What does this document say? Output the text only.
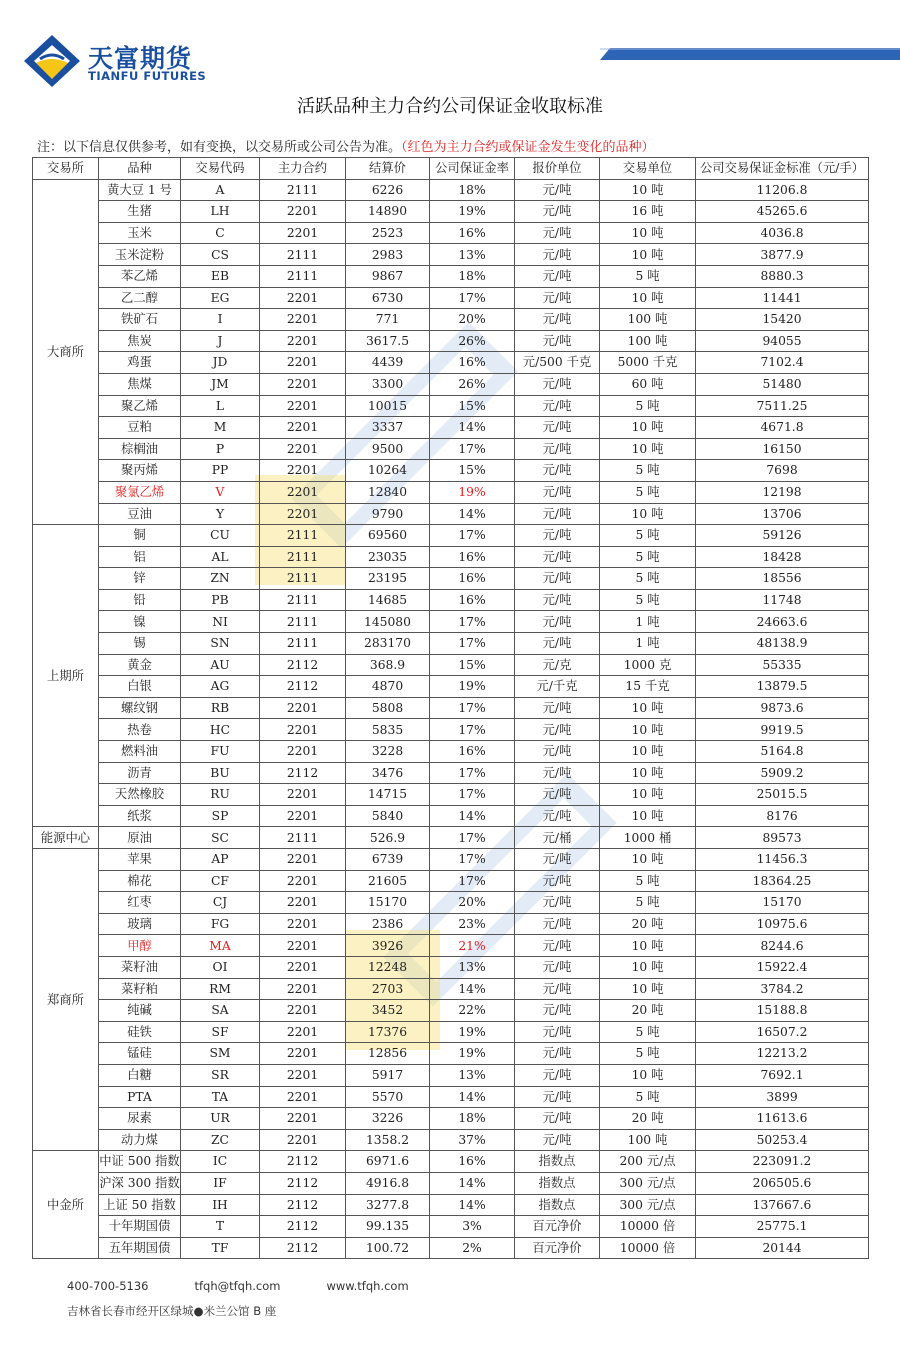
天富期货
TIANFU FUTURES
活跃品种主力合约公司保证金收取标准
注：以下信息仅供参考，如有变换，以交易所或公司公告为准。（红色为主力合约或保证金发生变化的品种）
交易所	品种	交易代码	主力合约	结算价	公司保证金率	报价单位	交易单位	公司交易保证金标准（元/手）
大商所	黄大豆 1 号	A	2111	6226	18%	元/吨	10 吨	11206.8
	生猪	LH	2201	14890	19%	元/吨	16 吨	45265.6
	玉米	C	2201	2523	16%	元/吨	10 吨	4036.8
	玉米淀粉	CS	2111	2983	13%	元/吨	10 吨	3877.9
	苯乙烯	EB	2111	9867	18%	元/吨	5 吨	8880.3
	乙二醇	EG	2201	6730	17%	元/吨	10 吨	11441
	铁矿石	I	2201	771	20%	元/吨	100 吨	15420
	焦炭	J	2201	3617.5	26%	元/吨	100 吨	94055
	鸡蛋	JD	2201	4439	16%	元/500 千克	5000 千克	7102.4
	焦煤	JM	2201	3300	26%	元/吨	60 吨	51480
	聚乙烯	L	2201	10015	15%	元/吨	5 吨	7511.25
	豆粕	M	2201	3337	14%	元/吨	10 吨	4671.8
	棕榈油	P	2201	9500	17%	元/吨	10 吨	16150
	聚丙烯	PP	2201	10264	15%	元/吨	5 吨	7698
	聚氯乙烯	V	2201	12840	19%	元/吨	5 吨	12198
	豆油	Y	2201	9790	14%	元/吨	10 吨	13706
上期所	铜	CU	2111	69560	17%	元/吨	5 吨	59126
	铝	AL	2111	23035	16%	元/吨	5 吨	18428
	锌	ZN	2111	23195	16%	元/吨	5 吨	18556
	铅	PB	2111	14685	16%	元/吨	5 吨	11748
	镍	NI	2111	145080	17%	元/吨	1 吨	24663.6
	锡	SN	2111	283170	17%	元/吨	1 吨	48138.9
	黄金	AU	2112	368.9	15%	元/克	1000 克	55335
	白银	AG	2112	4870	19%	元/千克	15 千克	13879.5
	螺纹钢	RB	2201	5808	17%	元/吨	10 吨	9873.6
	热卷	HC	2201	5835	17%	元/吨	10 吨	9919.5
	燃料油	FU	2201	3228	16%	元/吨	10 吨	5164.8
	沥青	BU	2112	3476	17%	元/吨	10 吨	5909.2
	天然橡胶	RU	2201	14715	17%	元/吨	10 吨	25015.5
	纸浆	SP	2201	5840	14%	元/吨	10 吨	8176
能源中心	原油	SC	2111	526.9	17%	元/桶	1000 桶	89573
郑商所	苹果	AP	2201	6739	17%	元/吨	10 吨	11456.3
	棉花	CF	2201	21605	17%	元/吨	5 吨	18364.25
	红枣	CJ	2201	15170	20%	元/吨	5 吨	15170
	玻璃	FG	2201	2386	23%	元/吨	20 吨	10975.6
	甲醇	MA	2201	3926	21%	元/吨	10 吨	8244.6
	菜籽油	OI	2201	12248	13%	元/吨	10 吨	15922.4
	菜籽粕	RM	2201	2703	14%	元/吨	10 吨	3784.2
	纯碱	SA	2201	3452	22%	元/吨	20 吨	15188.8
	硅铁	SF	2201	17376	19%	元/吨	5 吨	16507.2
	锰硅	SM	2201	12856	19%	元/吨	5 吨	12213.2
	白糖	SR	2201	5917	13%	元/吨	10 吨	7692.1
	PTA	TA	2201	5570	14%	元/吨	5 吨	3899
	尿素	UR	2201	3226	18%	元/吨	20 吨	11613.6
	动力煤	ZC	2201	1358.2	37%	元/吨	100 吨	50253.4
中金所	中证 500 指数	IC	2112	6971.6	16%	指数点	200 元/点	223091.2
	沪深 300 指数	IF	2112	4916.8	14%	指数点	300 元/点	206505.6
	上证 50 指数	IH	2112	3277.8	14%	指数点	300 元/点	137667.6
	十年期国债	T	2112	99.135	3%	百元净价	10000 倍	25775.1
	五年期国债	TF	2112	100.72	2%	百元净价	10000 倍	20144
400-700-5136	tfqh@tfqh.com	www.tfqh.com
吉林省长春市经开区绿城●米兰公馆 B 座
